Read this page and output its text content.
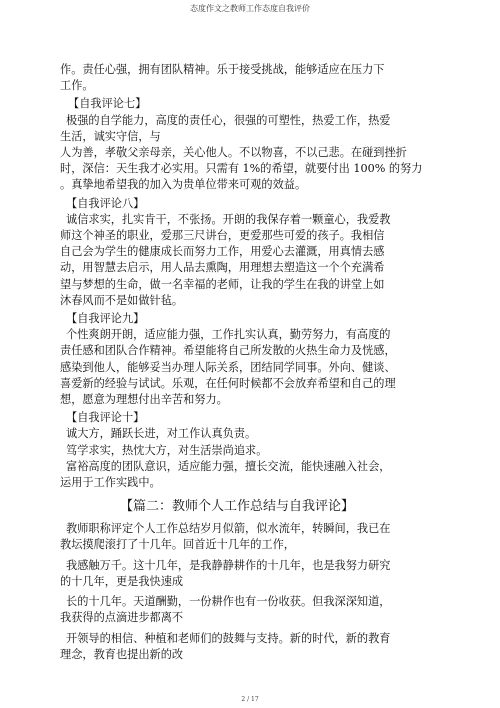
态度作文之教师工作态度自我评价

作。责任心强，拥有团队精神。乐于接受挑战，能够适应在压力下

工作。

【自我评论七】

极强的自学能力，高度的责任心，很强的可塑性，热爱工作，热爱

生活，诚实守信，与

人为善，孝敬父亲母亲，关心他人。不以物喜，不以己悲。在碰到挫折

时，深信：天生我才必实用。只需有 1%的希望，就要付出 100% 的努力

。真挚地希望我的加入为贵单位带来可观的效益。

【自我评论八】

诚信求实，扎实肯干，不张扬。开朗的我保存着一颗童心，我爱教

师这个神圣的职业，爱那三尺讲台，更爱那些可爱的孩子。我相信

自己会为学生的健康成长而努力工作，用爱心去灌溉，用真情去感

动，用智慧去启示，用人品去熏陶，用理想去塑造这一个个充满希

望与梦想的生命，做一名幸福的老师，让我的学生在我的讲堂上如

沐春风而不是如做针毡。

【自我评论九】

个性爽朗开朗，适应能力强，工作扎实认真，勤劳努力，有高度的

责任感和团队合作精神。希望能将自己所发散的火热生命力及恍感，

感染到他人，能够妥当办理人际关系，团结同学同事。外向、健谈、

喜爱新的经验与试试。乐观，在任何时候都不会放弃希望和自己的理

想，愿意为理想付出辛苦和努力。

【自我评论十】

诚大方，踊跃长进，对工作认真负责。

笃学求实，热忱大方，对生活崇尚追求。

富裕高度的团队意识，适应能力强，擅长交流，能快速融入社会，

运用于工作实践中。

【篇二：教师个人工作总结与自我评论】

教师职称评定个人工作总结岁月似箭，似水流年，转瞬间，我已在

教坛摸爬滚打了十几年。回首近十几年的工作，

我感触万千。这十几年，是我静静耕作的十几年，也是我努力研究

的十几年，更是我快速成

长的十几年。天道酬勤，一份耕作也有一份收获。但我深深知道，

我获得的点滴进步都离不

开领导的相信、种植和老师们的鼓舞与支持。新的时代，新的教育

理念，教育也提出新的改

2 / 17
